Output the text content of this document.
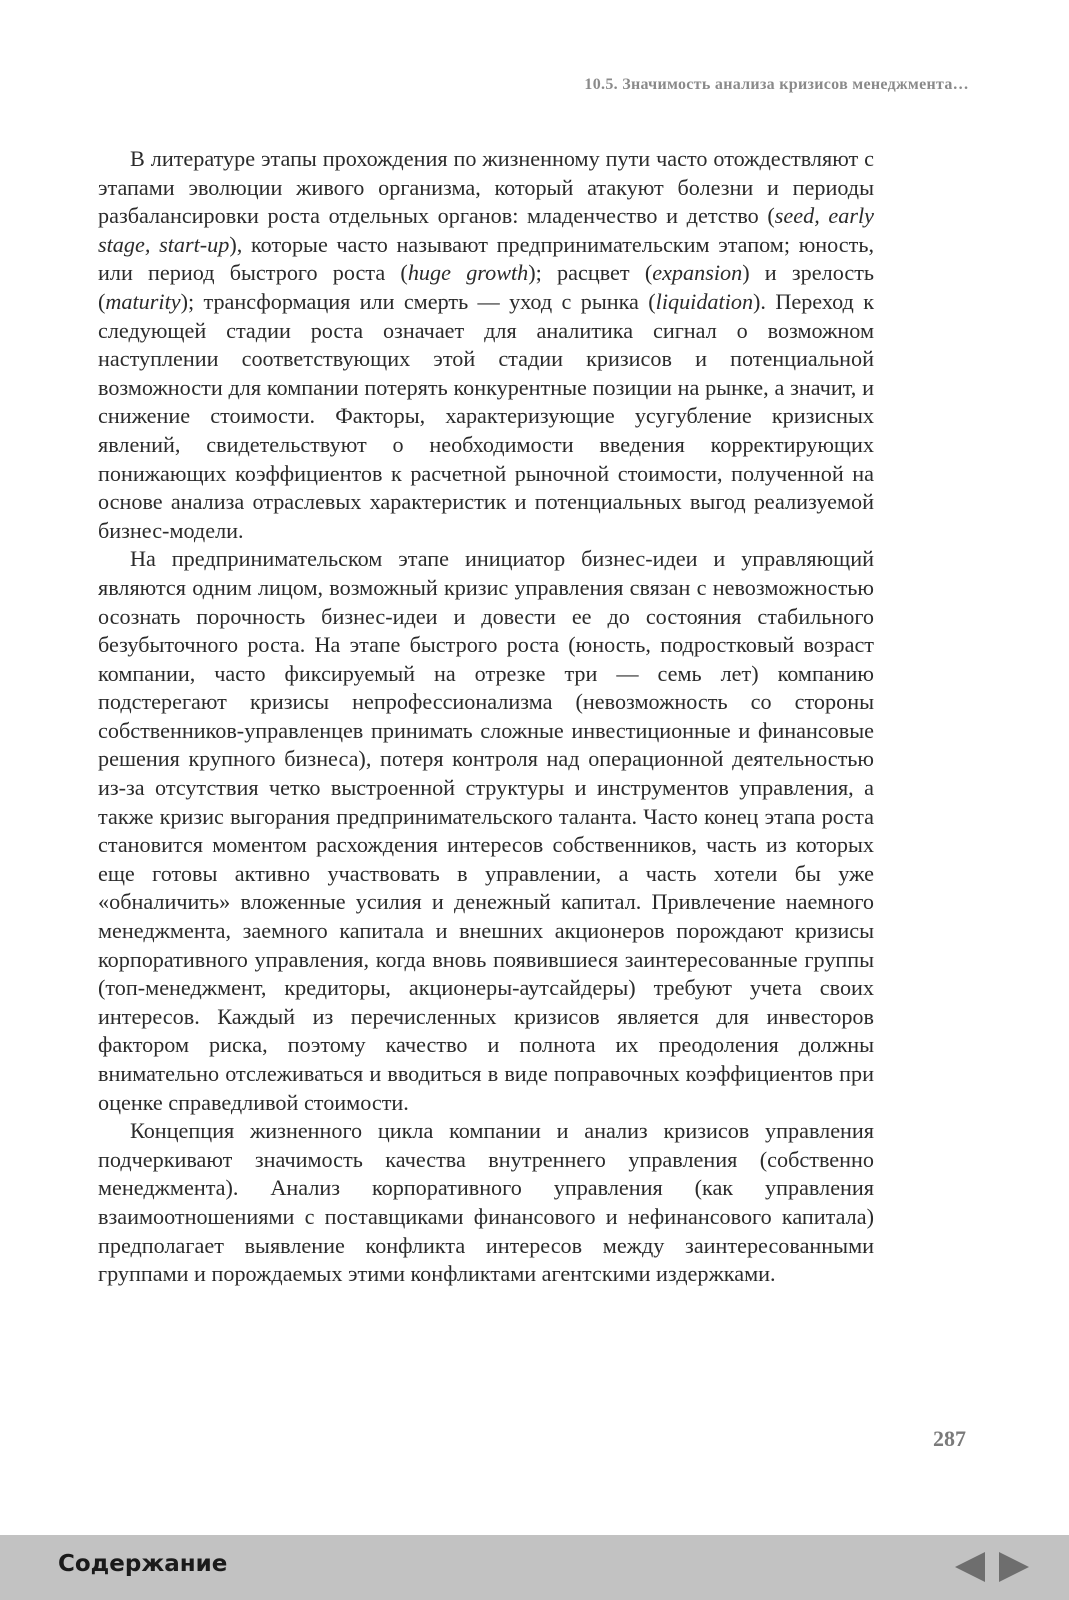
10.5. Значимость анализа кризисов менеджмента…

В литературе этапы прохождения по жизненному пути часто отождествляют с этапами эволюции живого организма, который атакуют болезни и периоды разбалансировки роста отдельных органов: младенчество и детство (seed, early stage, start-up), которые часто называют предпринимательским этапом; юность, или период быстрого роста (huge growth); расцвет (expansion) и зрелость (maturity); трансформация или смерть — уход с рынка (liquidation). Переход к следующей стадии роста означает для аналитика сигнал о возможном наступлении соответствующих этой стадии кризисов и потенциальной возможности для компании потерять конкурентные позиции на рынке, а значит, и снижение стоимости. Факторы, характеризующие усугубление кризисных явлений, свидетельствуют о необходимости введения корректирующих понижающих коэффициентов к расчетной рыночной стоимости, полученной на основе анализа отраслевых характеристик и потенциальных выгод реализуемой бизнес-модели.

На предпринимательском этапе инициатор бизнес-идеи и управляющий являются одним лицом, возможный кризис управления связан с невозможностью осознать порочность бизнес-идеи и довести ее до состояния стабильного безубыточного роста. На этапе быстрого роста (юность, подростковый возраст компании, часто фиксируемый на отрезке три — семь лет) компанию подстерегают кризисы непрофессионализма (невозможность со стороны собственников-управленцев принимать сложные инвестиционные и финансовые решения крупного бизнеса), потеря контроля над операционной деятельностью из-за отсутствия четко выстроенной структуры и инструментов управления, а также кризис выгорания предпринимательского таланта. Часто конец этапа роста становится моментом расхождения интересов собственников, часть из которых еще готовы активно участвовать в управлении, а часть хотели бы уже «обналичить» вложенные усилия и денежный капитал. Привлечение наемного менеджмента, заемного капитала и внешних акционеров порождают кризисы корпоративного управления, когда вновь появившиеся заинтересованные группы (топ-менеджмент, кредиторы, акционеры-аутсайдеры) требуют учета своих интересов. Каждый из перечисленных кризисов является для инвесторов фактором риска, поэтому качество и полнота их преодоления должны внимательно отслеживаться и вводиться в виде поправочных коэффициентов при оценке справедливой стоимости.

Концепция жизненного цикла компании и анализ кризисов управления подчеркивают значимость качества внутреннего управления (собственно менеджмента). Анализ корпоративного управления (как управления взаимоотношениями с поставщиками финансового и нефинансового капитала) предполагает выявление конфликта интересов между заинтересованными группами и порождаемых этими конфликтами агентскими издержками.

287
Содержание
